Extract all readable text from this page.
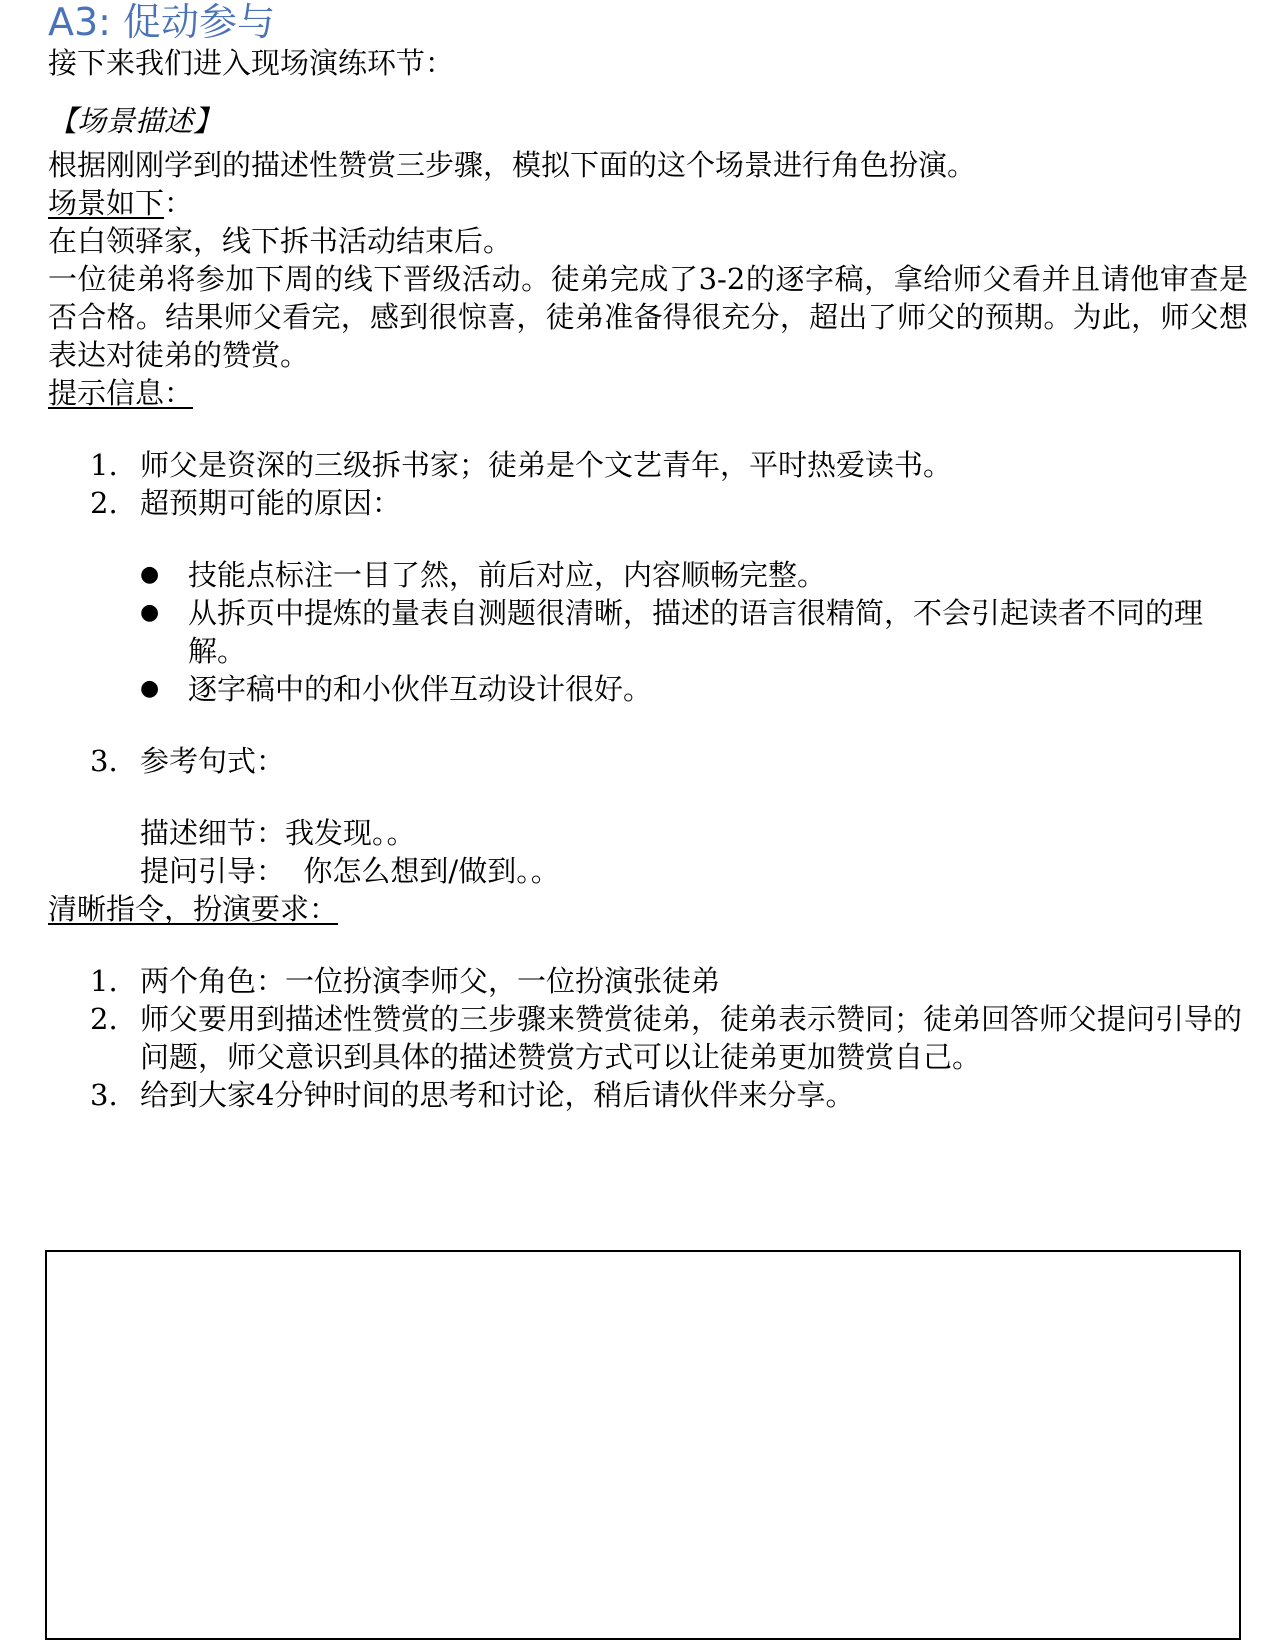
A3: 促动参与

接下来我们进入现场演练环节：

【场景描述】

根据刚刚学到的描述性赞赏三步骤，模拟下面的这个场景进行角色扮演。

场景如下：

在白领驿家，线下拆书活动结束后。

一位徒弟将参加下周的线下晋级活动。徒弟完成了3-2的逐字稿，拿给师父看并且请他审查是否合格。结果师父看完，感到很惊喜，徒弟准备得很充分，超出了师父的预期。为此，师父想表达对徒弟的赞赏。

提示信息：

1. 师父是资深的三级拆书家；徒弟是个文艺青年，平时热爱读书。
2. 超预期可能的原因：
● 技能点标注一目了然，前后对应，内容顺畅完整。
● 从拆页中提炼的量表自测题很清晰，描述的语言很精简，不会引起读者不同的理解。
● 逐字稿中的和小伙伴互动设计很好。
3. 参考句式：

描述细节：我发现。。

提问引导：  你怎么想到/做到。。

清晰指令，扮演要求：

1. 两个角色：一位扮演李师父，一位扮演张徒弟
2. 师父要用到描述性赞赏的三步骤来赞赏徒弟，徒弟表示赞同；徒弟回答师父提问引导的问题，师父意识到具体的描述赞赏方式可以让徒弟更加赞赏自己。
3. 给到大家4分钟时间的思考和讨论，稍后请伙伴来分享。
